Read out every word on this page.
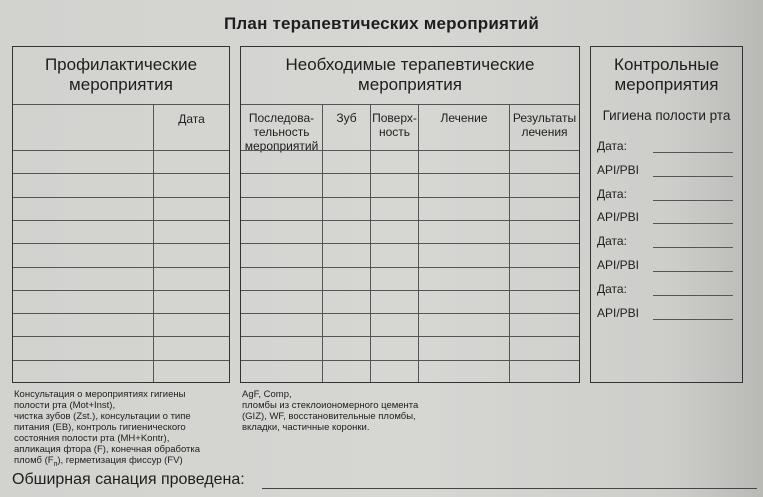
План терапевтических мероприятий
Профилактические
мероприятия
Дата
Необходимые терапевтические
мероприятия
Последова-
тельность
мероприятий
Зуб	Поверх-
ность
Лечение	Результаты
лечения
Контрольные
мероприятия
Гигиена полости рта
Дата:
API/PBI
Дата:
API/PBI
Дата:
API/PBI
Дата:
API/PBI
Консультация о мероприятиях гигиены
полости рта (Mot+Inst),
чистка зубов (Zst.), консультации о типе
питания (EB), контроль гигиенического
состояния полости рта (MH+Kontr),
апликация фтора (F), конечная обработка
пломб $(F_п)$, герметизация фиссур (FV)
AgF, Comp,
пломбы из стеклоиономерного цемента
(GIZ), WF, восстановительные пломбы,
вкладки, частичные коронки.
Обширная санация проведена:
